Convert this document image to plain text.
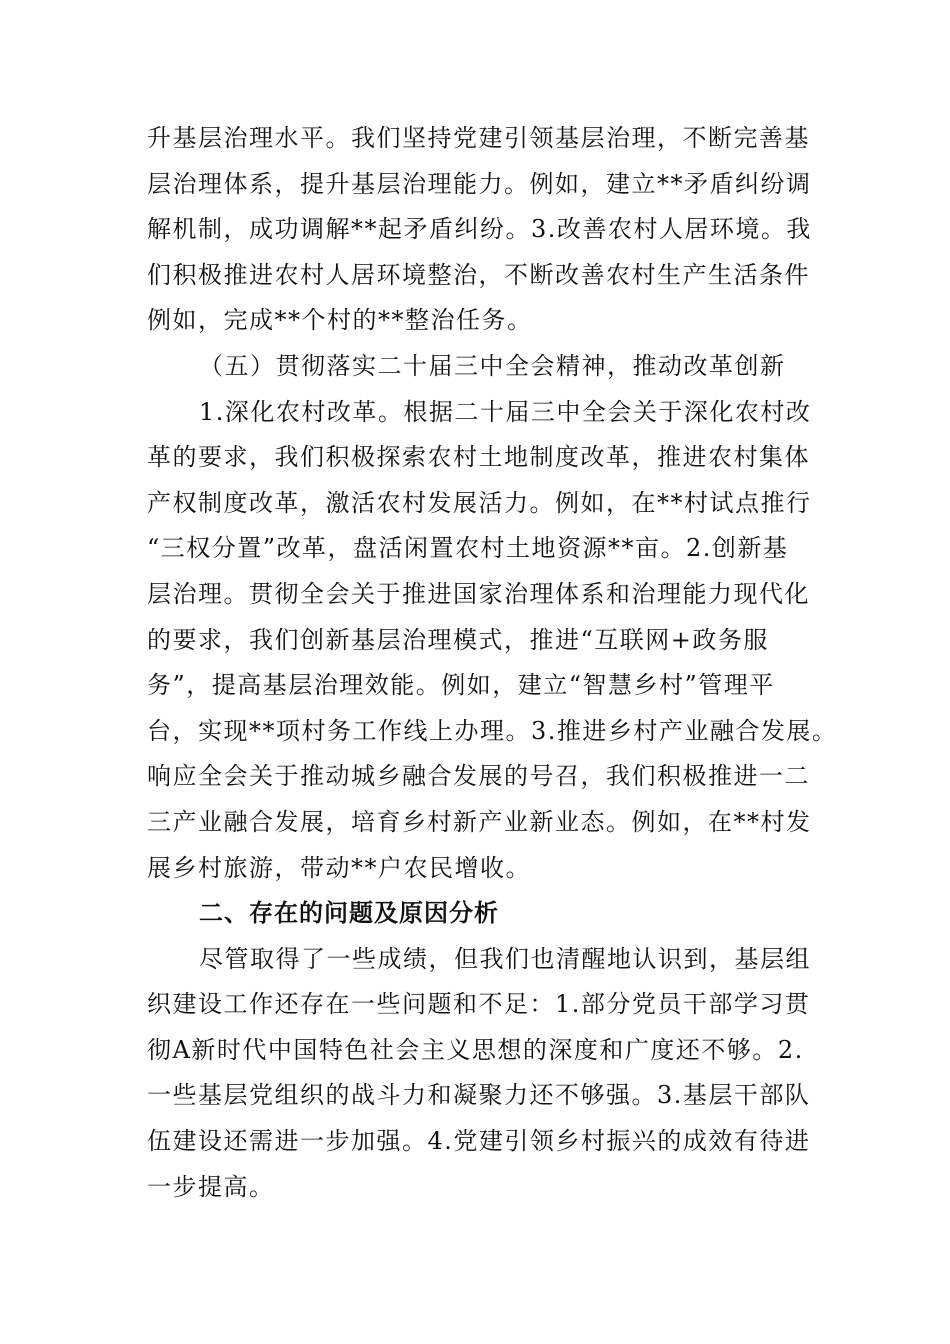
升基层治理水平。我们坚持党建引领基层治理，不断完善基
层治理体系，提升基层治理能力。例如，建立**矛盾纠纷调
解机制，成功调解**起矛盾纠纷。3.改善农村人居环境。我
们积极推进农村人居环境整治，不断改善农村生产生活条件
例如，完成**个村的**整治任务。
（五）贯彻落实二十届三中全会精神，推动改革创新
1.深化农村改革。根据二十届三中全会关于深化农村改
革的要求，我们积极探索农村土地制度改革，推进农村集体
产权制度改革，激活农村发展活力。例如，在**村试点推行
“三权分置”改革，盘活闲置农村土地资源**亩。2.创新基
层治理。贯彻全会关于推进国家治理体系和治理能力现代化
的要求，我们创新基层治理模式，推进“互联网+政务服
务”，提高基层治理效能。例如，建立“智慧乡村”管理平
台，实现**项村务工作线上办理。3.推进乡村产业融合发展。
响应全会关于推动城乡融合发展的号召，我们积极推进一二
三产业融合发展，培育乡村新产业新业态。例如，在**村发
展乡村旅游，带动**户农民增收。
二、存在的问题及原因分析
尽管取得了一些成绩，但我们也清醒地认识到，基层组
织建设工作还存在一些问题和不足：1.部分党员干部学习贯
彻A新时代中国特色社会主义思想的深度和广度还不够。2.
一些基层党组织的战斗力和凝聚力还不够强。3.基层干部队
伍建设还需进一步加强。4.党建引领乡村振兴的成效有待进
一步提高。
